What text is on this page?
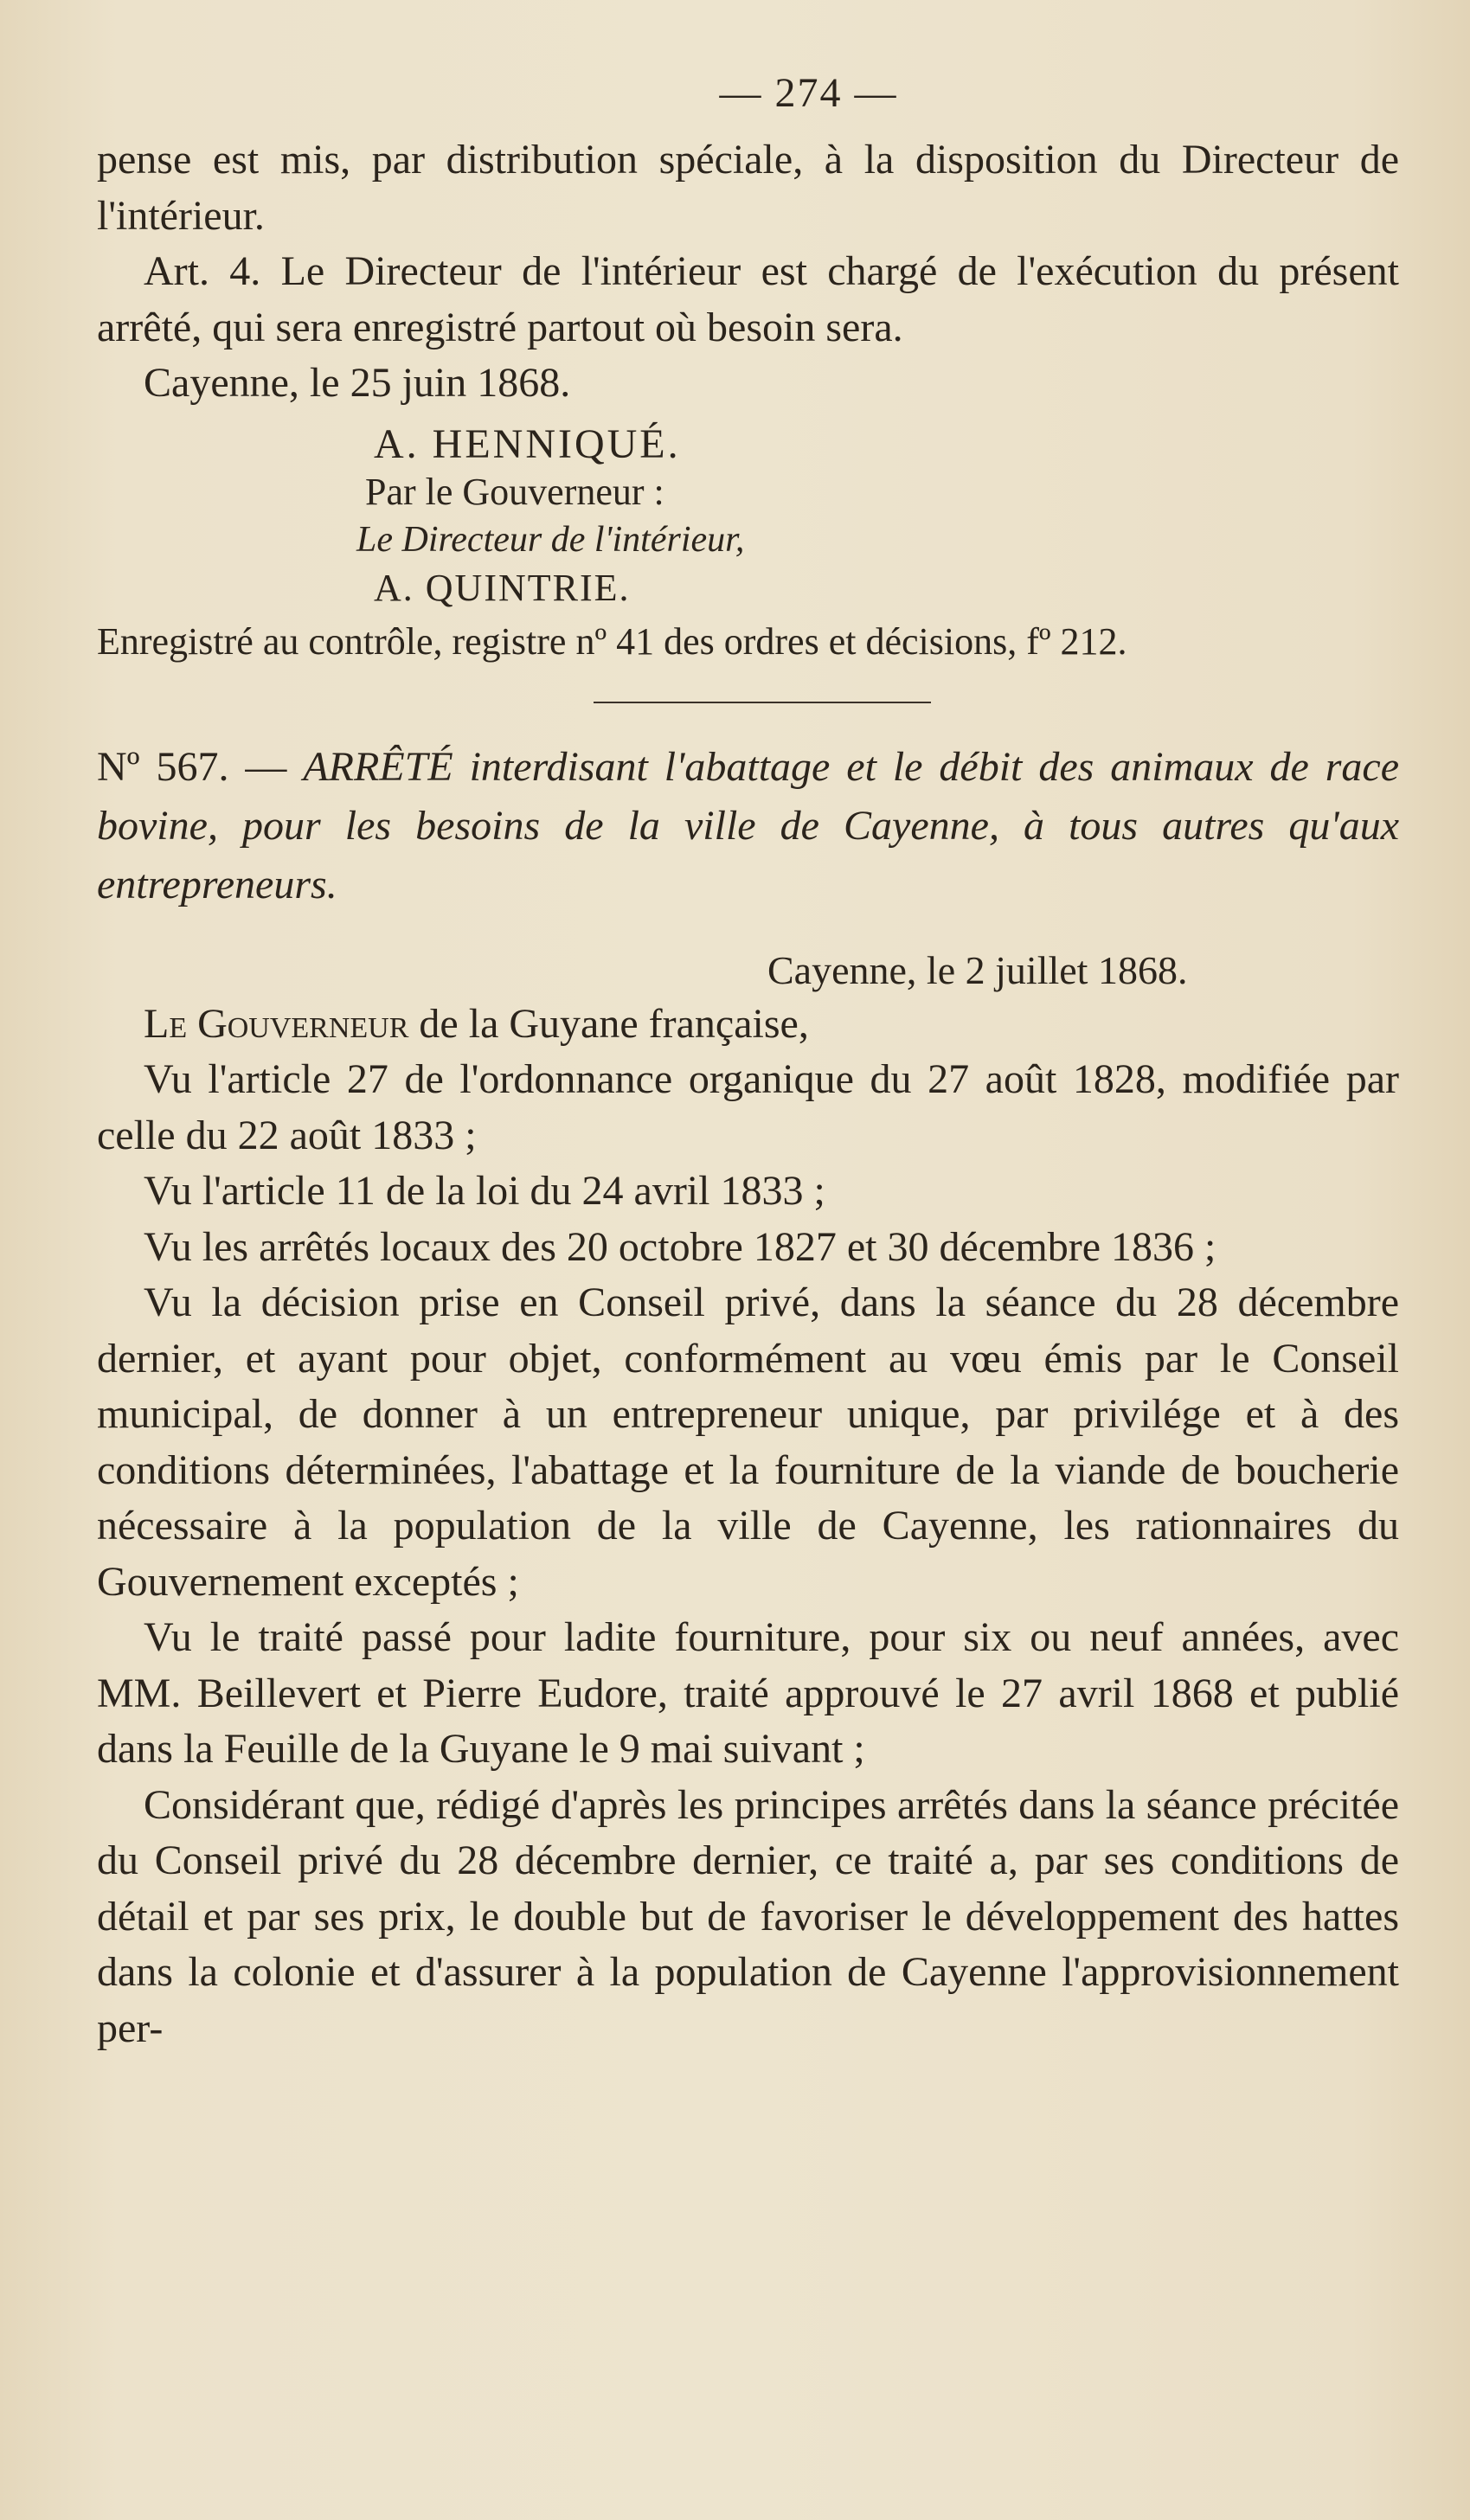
— 274 —

pense est mis, par distribution spéciale, à la disposition du Directeur de l'intérieur.

Art. 4. Le Directeur de l'intérieur est chargé de l'exécution du présent arrêté, qui sera enregistré partout où besoin sera.

Cayenne, le 25 juin 1868.

A. HENNIQUÉ.
Par le Gouverneur :
Le Directeur de l'intérieur,
A. QUINTRIE.
Enregistré au contrôle, registre nº 41 des ordres et décisions, fº 212.
Nº 567. — ARRÊTÉ interdisant l'abattage et le débit des animaux de race bovine, pour les besoins de la ville de Cayenne, à tous autres qu'aux entrepreneurs.
Cayenne, le 2 juillet 1868.

Le Gouverneur de la Guyane française,

Vu l'article 27 de l'ordonnance organique du 27 août 1828, modifiée par celle du 22 août 1833 ;

Vu l'article 11 de la loi du 24 avril 1833 ;

Vu les arrêtés locaux des 20 octobre 1827 et 30 décembre 1836 ;

Vu la décision prise en Conseil privé, dans la séance du 28 décembre dernier, et ayant pour objet, conformément au vœu émis par le Conseil municipal, de donner à un entrepreneur unique, par privilége et à des conditions déterminées, l'abattage et la fourniture de la viande de boucherie nécessaire à la population de la ville de Cayenne, les rationnaires du Gouvernement exceptés ;

Vu le traité passé pour ladite fourniture, pour six ou neuf années, avec MM. Beillevert et Pierre Eudore, traité approuvé le 27 avril 1868 et publié dans la Feuille de la Guyane le 9 mai suivant ;

Considérant que, rédigé d'après les principes arrêtés dans la séance précitée du Conseil privé du 28 décembre dernier, ce traité a, par ses conditions de détail et par ses prix, le double but de favoriser le développement des hattes dans la colonie et d'assurer à la population de Cayenne l'approvisionnement per-
